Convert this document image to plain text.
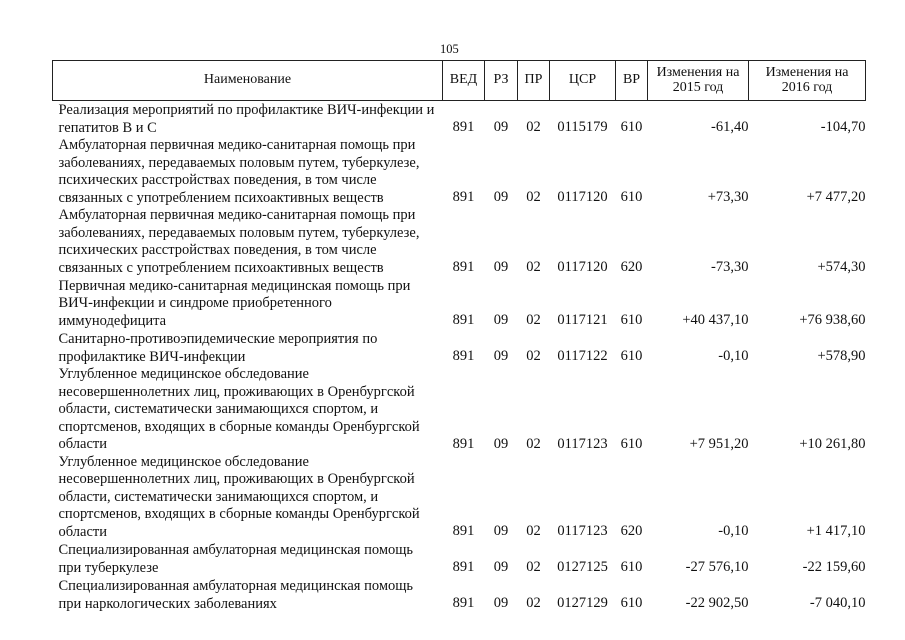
105
Наименование	ВЕД	РЗ	ПР	ЦСР	ВР	Изменения на 2015 год	Изменения на 2016 год
Реализация мероприятий по профилактике ВИЧ-инфекции и гепатитов В и С	891	09	02	0115179	610	-61,40	-104,70
Амбулаторная первичная медико-санитарная помощь при заболеваниях, передаваемых половым путем, туберкулезе, психических расстройствах поведения, в том числе связанных с употреблением психоактивных веществ	891	09	02	0117120	610	+73,30	+7 477,20
Амбулаторная первичная медико-санитарная помощь при заболеваниях, передаваемых половым путем, туберкулезе, психических расстройствах поведения, в том числе связанных с употреблением психоактивных веществ	891	09	02	0117120	620	-73,30	+574,30
Первичная медико-санитарная медицинская помощь при ВИЧ-инфекции и синдроме приобретенного иммунодефицита	891	09	02	0117121	610	+40 437,10	+76 938,60
Санитарно-противоэпидемические мероприятия по профилактике ВИЧ-инфекции	891	09	02	0117122	610	-0,10	+578,90
Углубленное медицинское обследование несовершеннолетних лиц, проживающих в Оренбургской области, систематически занимающихся спортом, и спортсменов, входящих в сборные команды Оренбургской области	891	09	02	0117123	610	+7 951,20	+10 261,80
Углубленное медицинское обследование несовершеннолетних лиц, проживающих в Оренбургской области, систематически занимающихся спортом, и спортсменов, входящих в сборные команды Оренбургской области	891	09	02	0117123	620	-0,10	+1 417,10
Специализированная амбулаторная медицинская помощь при туберкулезе	891	09	02	0127125	610	-27 576,10	-22 159,60
Специализированная амбулаторная медицинская помощь при наркологических заболеваниях	891	09	02	0127129	610	-22 902,50	-7 040,10
